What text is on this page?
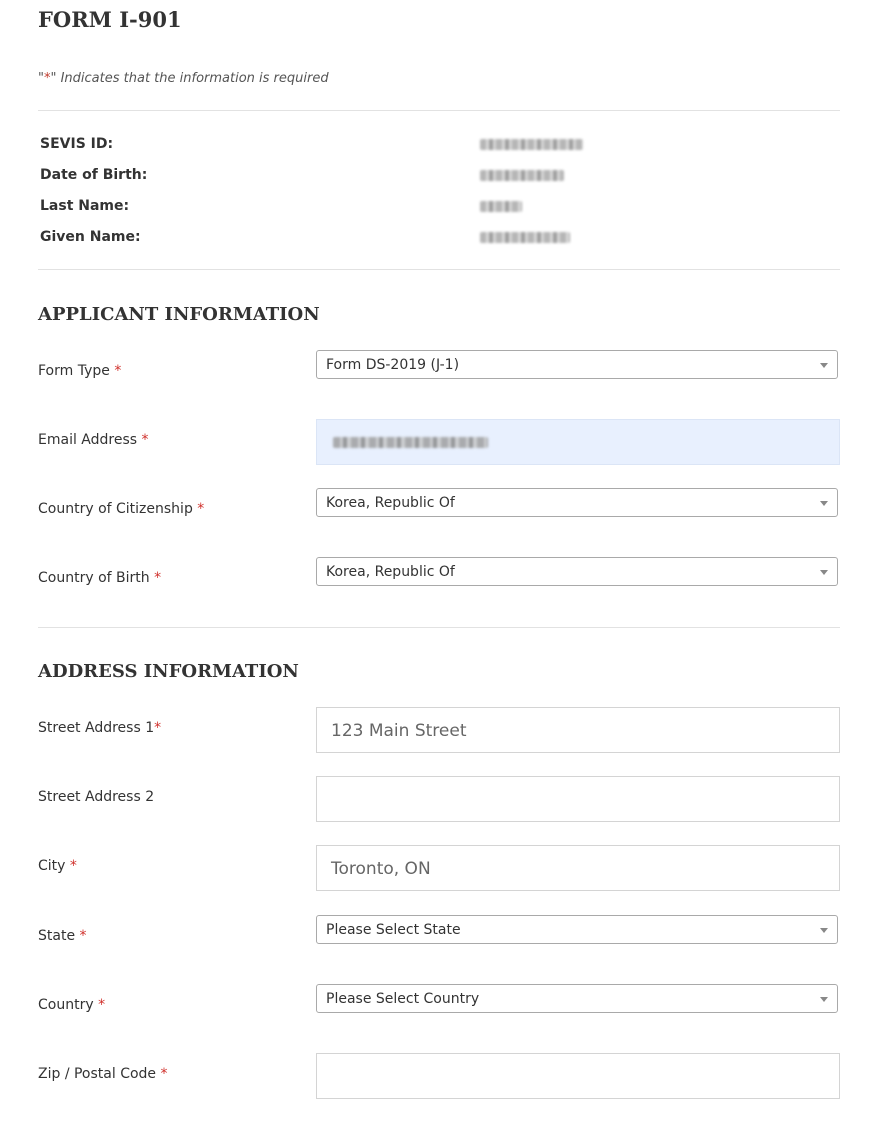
FORM I-901
"*" Indicates that the information is required
SEVIS ID:
Date of Birth:
Last Name:
Given Name:
APPLICANT INFORMATION
Form Type *	Form DS-2019 (J-1)
Email Address *
Country of Citizenship *	Korea, Republic Of
Country of Birth *	Korea, Republic Of
ADDRESS INFORMATION
Street Address 1*	123 Main Street
Street Address 2
City *	Toronto, ON
State *	Please Select State
Country *	Please Select Country
Zip / Postal Code *
